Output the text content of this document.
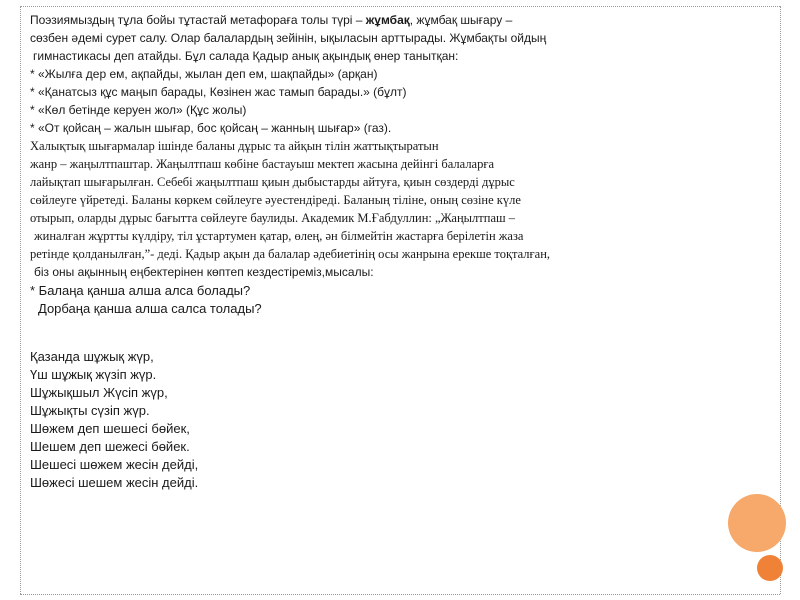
Поэзиямыздың тұла бойы тұтастай метафораға толы түрі – жұмбақ, жұмбақ шығару –
сөзбен әдемі сурет салу. Олар балалардың зейінін, ықыласын арттырады. Жұмбақты ойдың
гимнастикасы деп атайды. Бұл салада Қадыр анық ақындық өнер танытқан:
* «Жылға дер ем, ақпайды, жылан деп ем, шақпайды» (арқан)
* «Қанатсыз құс маңып барады, Көзінен жас тамып барады.» (бұлт)
* «Көл бетінде керуен жол» (Құс жолы)
* «От қойсаң – жалын шығар, бос қойсаң – жанның шығар» (газ).
Халықтық шығармалар ішінде баланы дұрыс та айқын тілін жаттықтыратын
жанр – жаңылтпаштар. Жаңылтпаш көбіне бастауыш мектеп жасына дейінгі балаларға
лайықтап шығарылған. Себебі жаңылтпаш қиын дыбыстарды айтуға, қиын сөздерді дұрыс
сөйлеуге үйретеді. Баланы көркем сөйлеуге әуестендіреді. Баланың тіліне, оның сөзіне күле
отырып, оларды дұрыс бағытта сөйлеуге баулиды. Академик М.Ғабдуллин: „Жаңылтпаш –
жиналған жұртты күлдіру, тіл ұстартумен қатар, өлең, ән білмейтін жастарға берілетін жаза
ретінде қолданылған,”- деді. Қадыр ақын да балалар әдебиетінің осы жанрына ерекше тоқталған,
біз оны ақынның еңбектерінен көптеп кездестіреміз,мысалы:
* Балаңа қанша алша алса болады?
Дорбаңа қанша алша салса толады?
Қазанда шұжық жүр,
Үш шұжық жүзіп жүр.
Шұжықшыл Жүсіп жүр,
Шұжықты сүзіп жүр.
Шөжем деп шешесі бөйек,
Шешем деп шежесі бөйек.
Шешесі шөжем жесін дейді,
Шөжесі шешем жесін дейді.
